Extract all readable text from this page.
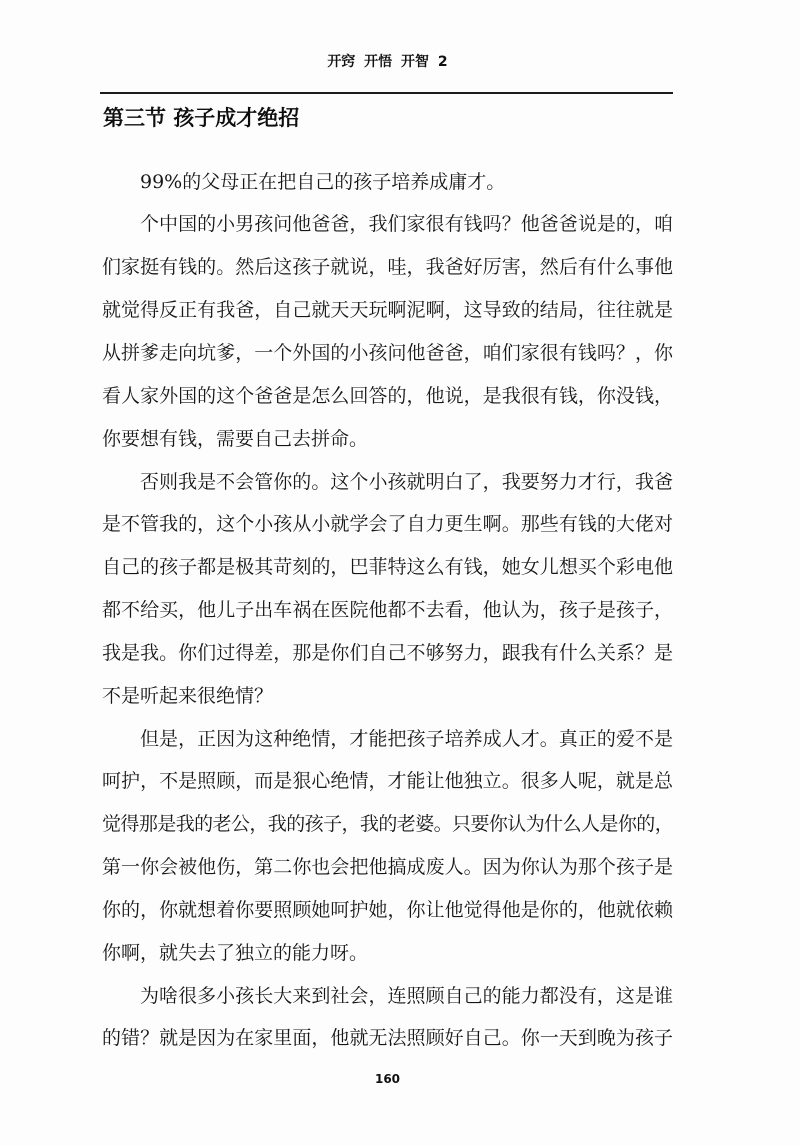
开窍 开悟 开智 2
第三节 孩子成才绝招
99%的父母正在把自己的孩子培养成庸才。
个中国的小男孩问他爸爸，我们家很有钱吗？他爸爸说是的，咱
们家挺有钱的。然后这孩子就说，哇，我爸好厉害，然后有什么事他
就觉得反正有我爸，自己就天天玩啊泥啊，这导致的结局，往往就是
从拼爹走向坑爹，一个外国的小孩问他爸爸，咱们家很有钱吗？，你
看人家外国的这个爸爸是怎么回答的，他说，是我很有钱，你没钱，
你要想有钱，需要自己去拼命。
否则我是不会管你的。这个小孩就明白了，我要努力才行，我爸
是不管我的，这个小孩从小就学会了自力更生啊。那些有钱的大佬对
自己的孩子都是极其苛刻的，巴菲特这么有钱，她女儿想买个彩电他
都不给买，他儿子出车祸在医院他都不去看，他认为，孩子是孩子，
我是我。你们过得差，那是你们自己不够努力，跟我有什么关系？是
不是听起来很绝情？
但是，正因为这种绝情，才能把孩子培养成人才。真正的爱不是
呵护，不是照顾，而是狠心绝情，才能让他独立。很多人呢，就是总
觉得那是我的老公，我的孩子，我的老婆。只要你认为什么人是你的，
第一你会被他伤，第二你也会把他搞成废人。因为你认为那个孩子是
你的，你就想着你要照顾她呵护她，你让他觉得他是你的，他就依赖
你啊，就失去了独立的能力呀。
为啥很多小孩长大来到社会，连照顾自己的能力都没有，这是谁
的错？就是因为在家里面，他就无法照顾好自己。你一天到晚为孩子
160
